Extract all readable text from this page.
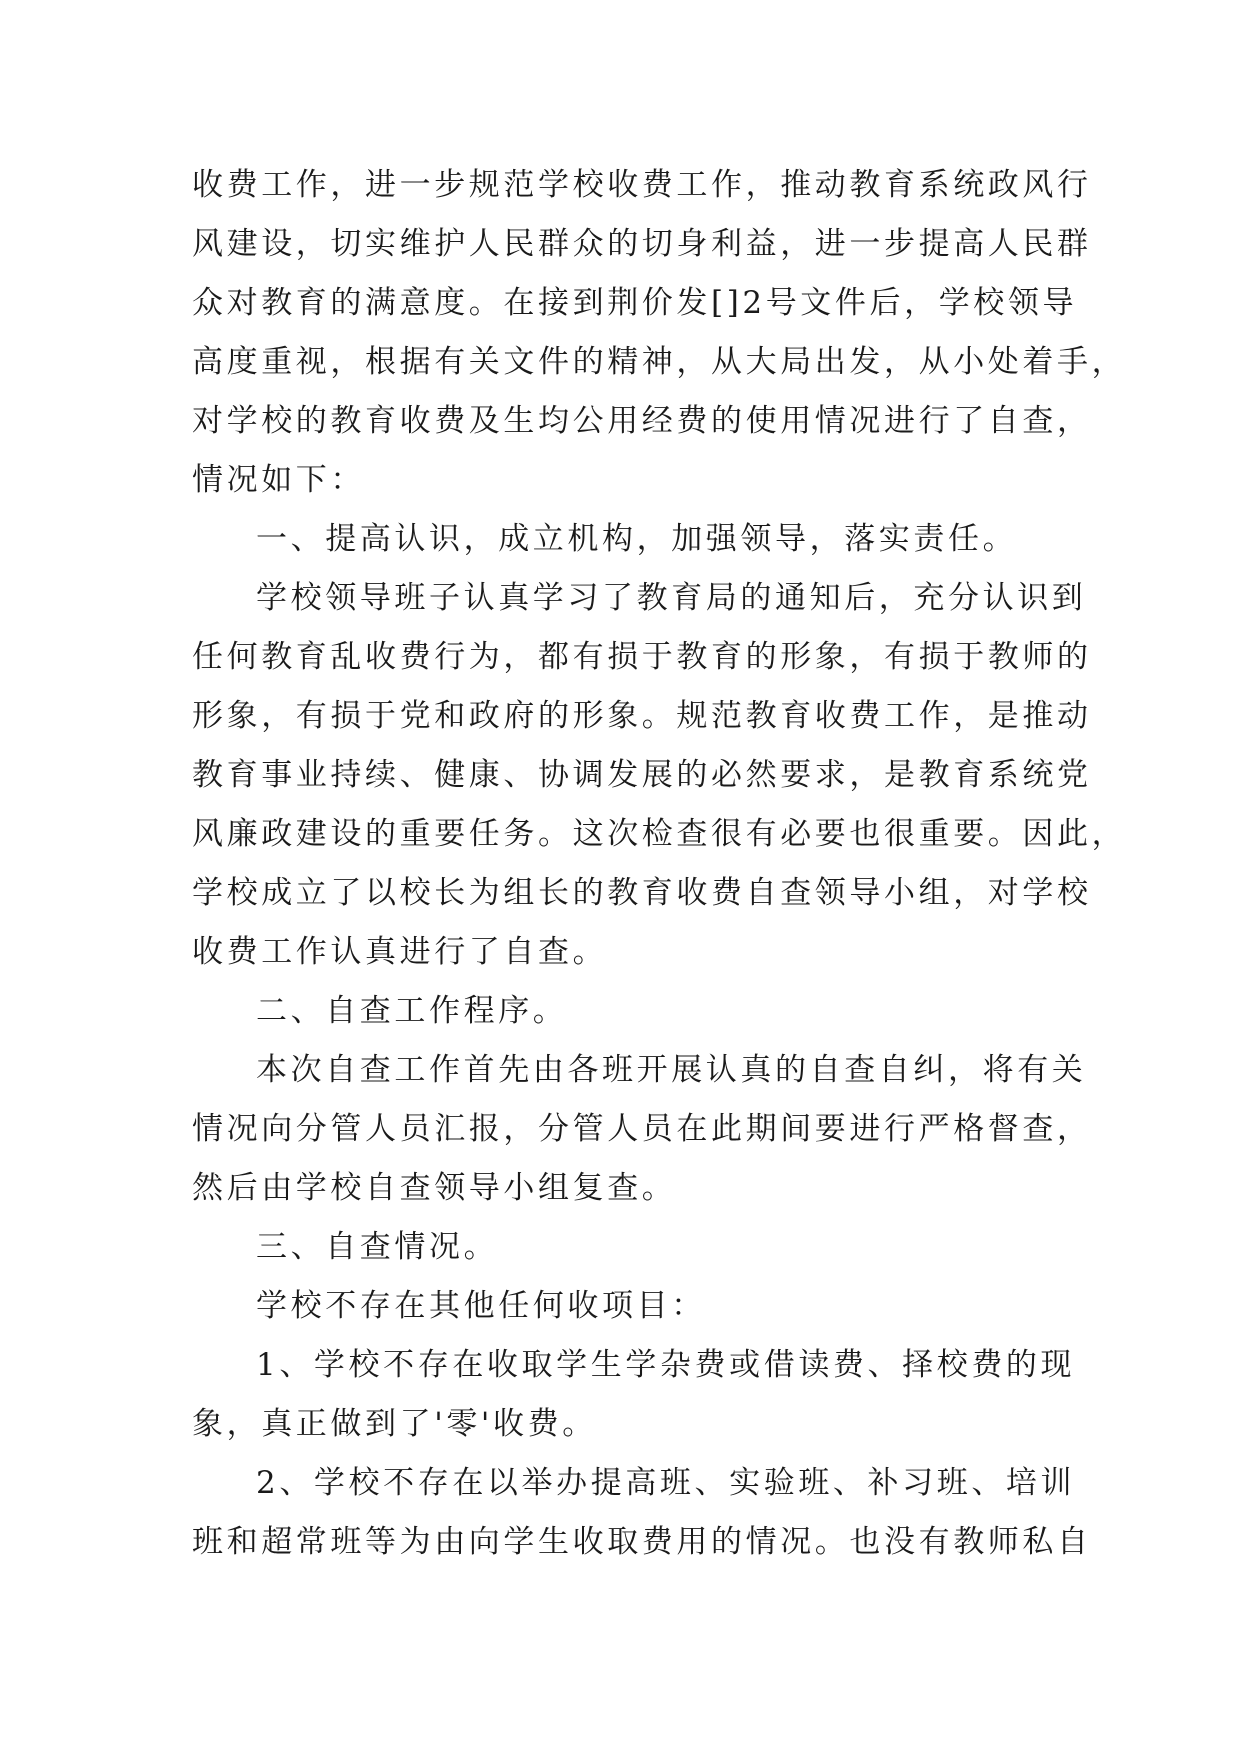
收费工作，进一步规范学校收费工作，推动教育系统政风行
风建设，切实维护人民群众的切身利益，进一步提高人民群
众对教育的满意度。在接到荆价发[]2号文件后，学校领导
高度重视，根据有关文件的精神，从大局出发，从小处着手，
对学校的教育收费及生均公用经费的使用情况进行了自查，
情况如下：
一、提高认识，成立机构，加强领导，落实责任。
学校领导班子认真学习了教育局的通知后，充分认识到
任何教育乱收费行为，都有损于教育的形象，有损于教师的
形象，有损于党和政府的形象。规范教育收费工作，是推动
教育事业持续、健康、协调发展的必然要求，是教育系统党
风廉政建设的重要任务。这次检查很有必要也很重要。因此，
学校成立了以校长为组长的教育收费自查领导小组，对学校
收费工作认真进行了自查。
二、自查工作程序。
本次自查工作首先由各班开展认真的自查自纠，将有关
情况向分管人员汇报，分管人员在此期间要进行严格督查，
然后由学校自查领导小组复查。
三、自查情况。
学校不存在其他任何收项目：
1、学校不存在收取学生学杂费或借读费、择校费的现
象，真正做到了'零'收费。
2、学校不存在以举办提高班、实验班、补习班、培训
班和超常班等为由向学生收取费用的情况。也没有教师私自
